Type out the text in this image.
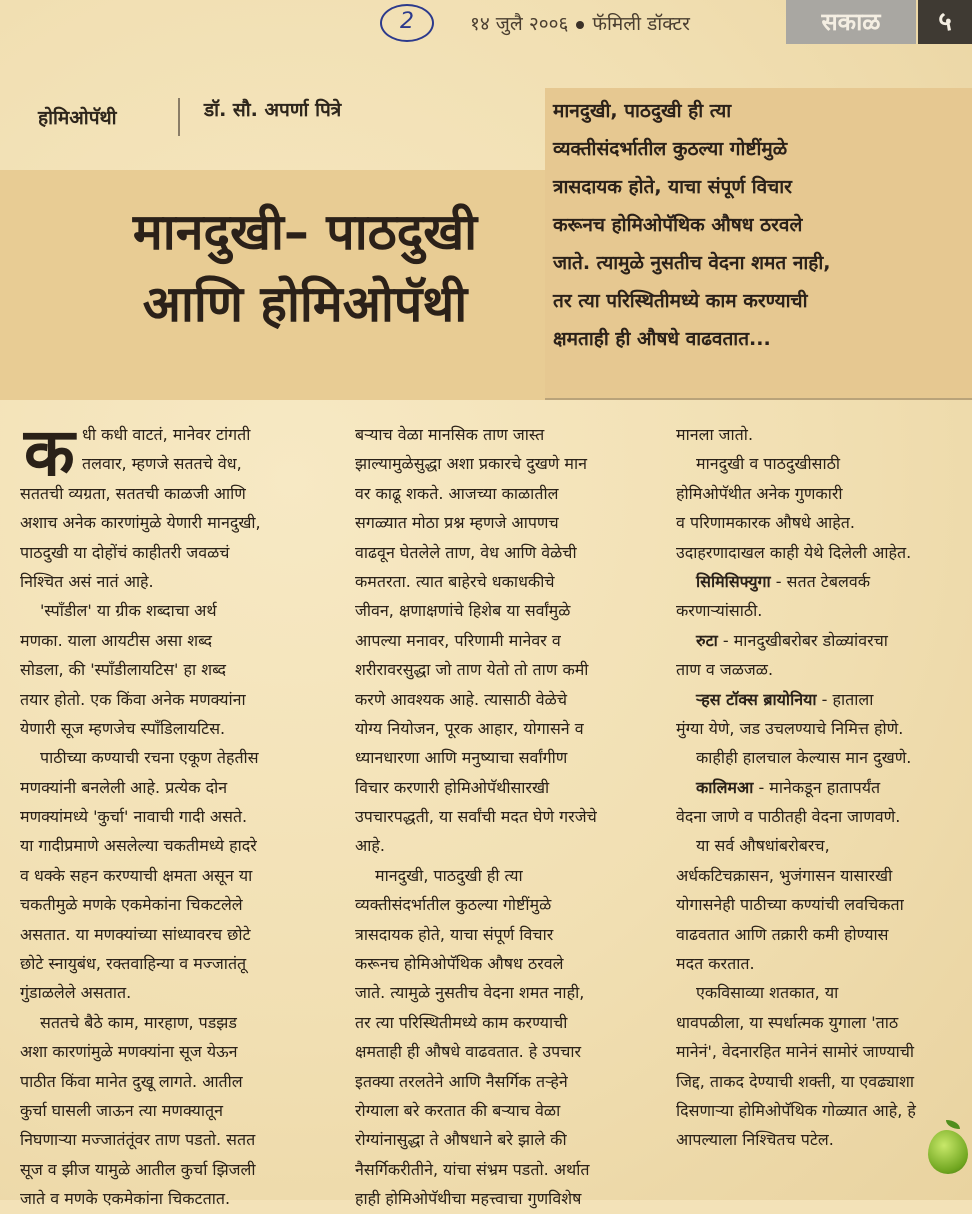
2	१४ जुलै २००६ फॅमिली डॉक्टर	सकाळ	५
होमिओपॅथी	डॉ. सौ. अपर्णा पित्रे
मानदुखी– पाठदुखी
आणि होमिओपॅथी
मानदुखी, पाठदुखी ही त्या
व्यक्तीसंदर्भातील कुठल्या गोष्टींमुळे
त्रासदायक होते, याचा संपूर्ण विचार
करूनच होमिओपॅथिक औषध ठरवले
जाते. त्यामुळे नुसतीच वेदना शमत नाही,
तर त्या परिस्थितीमध्ये काम करण्याची
क्षमताही ही औषधे वाढवतात...
क धी कधी वाटतं, मानेवर टांगती
तलवार, म्हणजे सततचे वेध,
सततची व्यग्रता, सततची काळजी आणि
अशाच अनेक कारणांमुळे येणारी मानदुखी,
पाठदुखी या दोहोंचं काहीतरी जवळचं
निश्चित असं नातं आहे.
'स्पाँडील' या ग्रीक शब्दाचा अर्थ
मणका. याला आयटीस असा शब्द
सोडला, की 'स्पाँडीलायटिस' हा शब्द
तयार होतो. एक किंवा अनेक मणक्यांना
येणारी सूज म्हणजेच स्पाँडिलायटिस.
पाठीच्या कण्याची रचना एकूण तेहतीस
मणक्यांनी बनलेली आहे. प्रत्येक दोन
मणक्यांमध्ये 'कुर्चा' नावाची गादी असते.
या गादीप्रमाणे असलेल्या चकतीमध्ये हादरे
व धक्के सहन करण्याची क्षमता असून या
चकतीमुळे मणके एकमेकांना चिकटलेले
असतात. या मणक्यांच्या सांध्यावरच छोटे
छोटे स्नायुबंध, रक्तवाहिन्या व मज्जातंतू
गुंडाळलेले असतात.
सततचे बैठे काम, मारहाण, पडझड
अशा कारणांमुळे मणक्यांना सूज येऊन
पाठीत किंवा मानेत दुखू लागते. आतील
कुर्चा घासली जाऊन त्या मणक्यातून
निघणाऱ्या मज्जातंतूंवर ताण पडतो. सतत
सूज व झीज यामुळे आतील कुर्चा झिजली
जाते व मणके एकमेकांना चिकटतात.
बऱ्याच वेळा मानसिक ताण जास्त
झाल्यामुळेसुद्धा अशा प्रकारचे दुखणे मान
वर काढू शकते. आजच्या काळातील
सगळ्यात मोठा प्रश्न म्हणजे आपणच
वाढवून घेतलेले ताण, वेध आणि वेळेची
कमतरता. त्यात बाहेरचे धकाधकीचे
जीवन, क्षणाक्षणांचे हिशेब या सर्वांमुळे
आपल्या मनावर, परिणामी मानेवर व
शरीरावरसुद्धा जो ताण येतो तो ताण कमी
करणे आवश्यक आहे. त्यासाठी वेळेचे
योग्य नियोजन, पूरक आहार, योगासने व
ध्यानधारणा आणि मनुष्याचा सर्वांगीण
विचार करणारी होमिओपॅथीसारखी
उपचारपद्धती, या सर्वांची मदत घेणे गरजेचे
आहे.
मानदुखी, पाठदुखी ही त्या
व्यक्तीसंदर्भातील कुठल्या गोष्टींमुळे
त्रासदायक होते, याचा संपूर्ण विचार
करूनच होमिओपॅथिक औषध ठरवले
जाते. त्यामुळे नुसतीच वेदना शमत नाही,
तर त्या परिस्थितीमध्ये काम करण्याची
क्षमताही ही औषधे वाढवतात. हे उपचार
इतक्या तरलतेने आणि नैसर्गिक तऱ्हेने
रोग्याला बरे करतात की बऱ्याच वेळा
रोग्यांनासुद्धा ते औषधाने बरे झाले की
नैसर्गिकरीतीने, यांचा संभ्रम पडतो. अर्थात
हाही होमिओपॅथीचा महत्त्वाचा गुणविशेष
मानला जातो.
मानदुखी व पाठदुखीसाठी
होमिओपॅथीत अनेक गुणकारी
व परिणामकारक औषधे आहेत.
उदाहरणादाखल काही येथे दिलेली आहेत.
सिमिसिफ्युगा - सतत टेबलवर्क
करणाऱ्यांसाठी.
रुटा - मानदुखीबरोबर डोळ्यांवरचा
ताण व जळजळ.
ऱ्हस टॉक्स ब्रायोनिया - हाताला
मुंग्या येणे, जड उचलण्याचे निमित्त होणे.
काहीही हालचाल केल्यास मान दुखणे.
कालिमआ - मानेकडून हातापर्यंत
वेदना जाणे व पाठीतही वेदना जाणवणे.
या सर्व औषधांबरोबरच,
अर्धकटिचक्रासन, भुजंगासन यासारखी
योगासनेही पाठीच्या कण्यांची लवचिकता
वाढवतात आणि तक्रारी कमी होण्यास
मदत करतात.
एकविसाव्या शतकात, या
धावपळीला, या स्पर्धात्मक युगाला 'ताठ
मानेनं', वेदनारहित मानेनं सामोरं जाण्याची
जिद्द, ताकद देण्याची शक्ती, या एवढ्याशा
दिसणाऱ्या होमिओपॅथिक गोळ्यात आहे, हे
आपल्याला निश्चितच पटेल.
